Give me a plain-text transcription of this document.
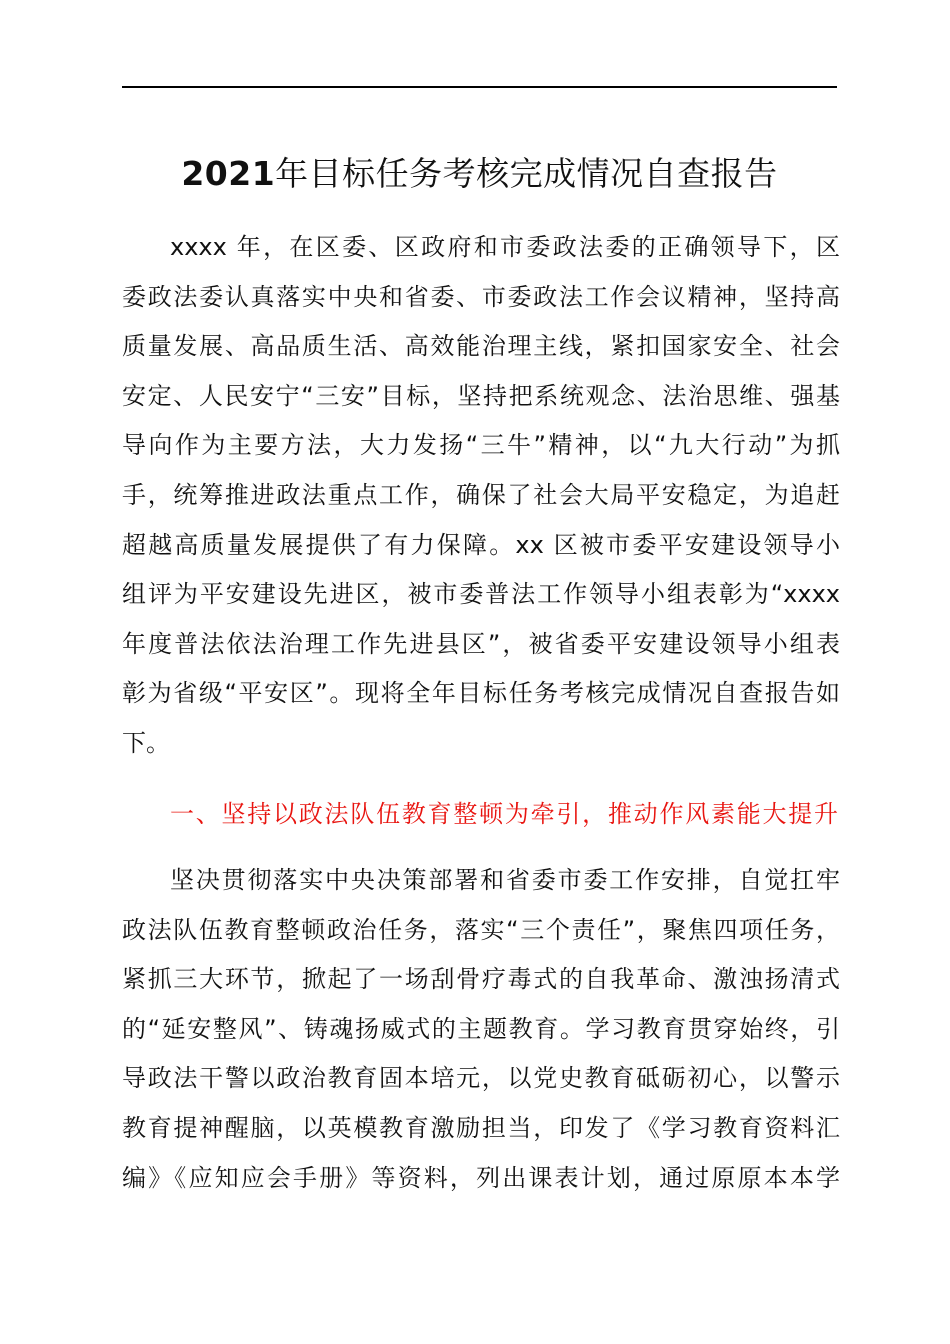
2021年目标任务考核完成情况自查报告
xxxx 年，在区委、区政府和市委政法委的正确领导下，区
委政法委认真落实中央和省委、市委政法工作会议精神，坚持高
质量发展、高品质生活、高效能治理主线，紧扣国家安全、社会
安定、人民安宁“三安”目标，坚持把系统观念、法治思维、强基
导向作为主要方法，大力发扬“三牛”精神，以“九大行动”为抓
手，统筹推进政法重点工作，确保了社会大局平安稳定，为追赶
超越高质量发展提供了有力保障。xx 区被市委平安建设领导小
组评为平安建设先进区，被市委普法工作领导小组表彰为“xxxx
年度普法依法治理工作先进县区”，被省委平安建设领导小组表
彰为省级“平安区”。现将全年目标任务考核完成情况自查报告如
下。
一、坚持以政法队伍教育整顿为牵引，推动作风素能大提升
坚决贯彻落实中央决策部署和省委市委工作安排，自觉扛牢
政法队伍教育整顿政治任务，落实“三个责任”，聚焦四项任务，
紧抓三大环节，掀起了一场刮骨疗毒式的自我革命、激浊扬清式
的“延安整风”、铸魂扬威式的主题教育。学习教育贯穿始终，引
导政法干警以政治教育固本培元，以党史教育砥砺初心，以警示
教育提神醒脑，以英模教育激励担当，印发了《学习教育资料汇
编》《应知应会手册》等资料，列出课表计划，通过原原本本学
